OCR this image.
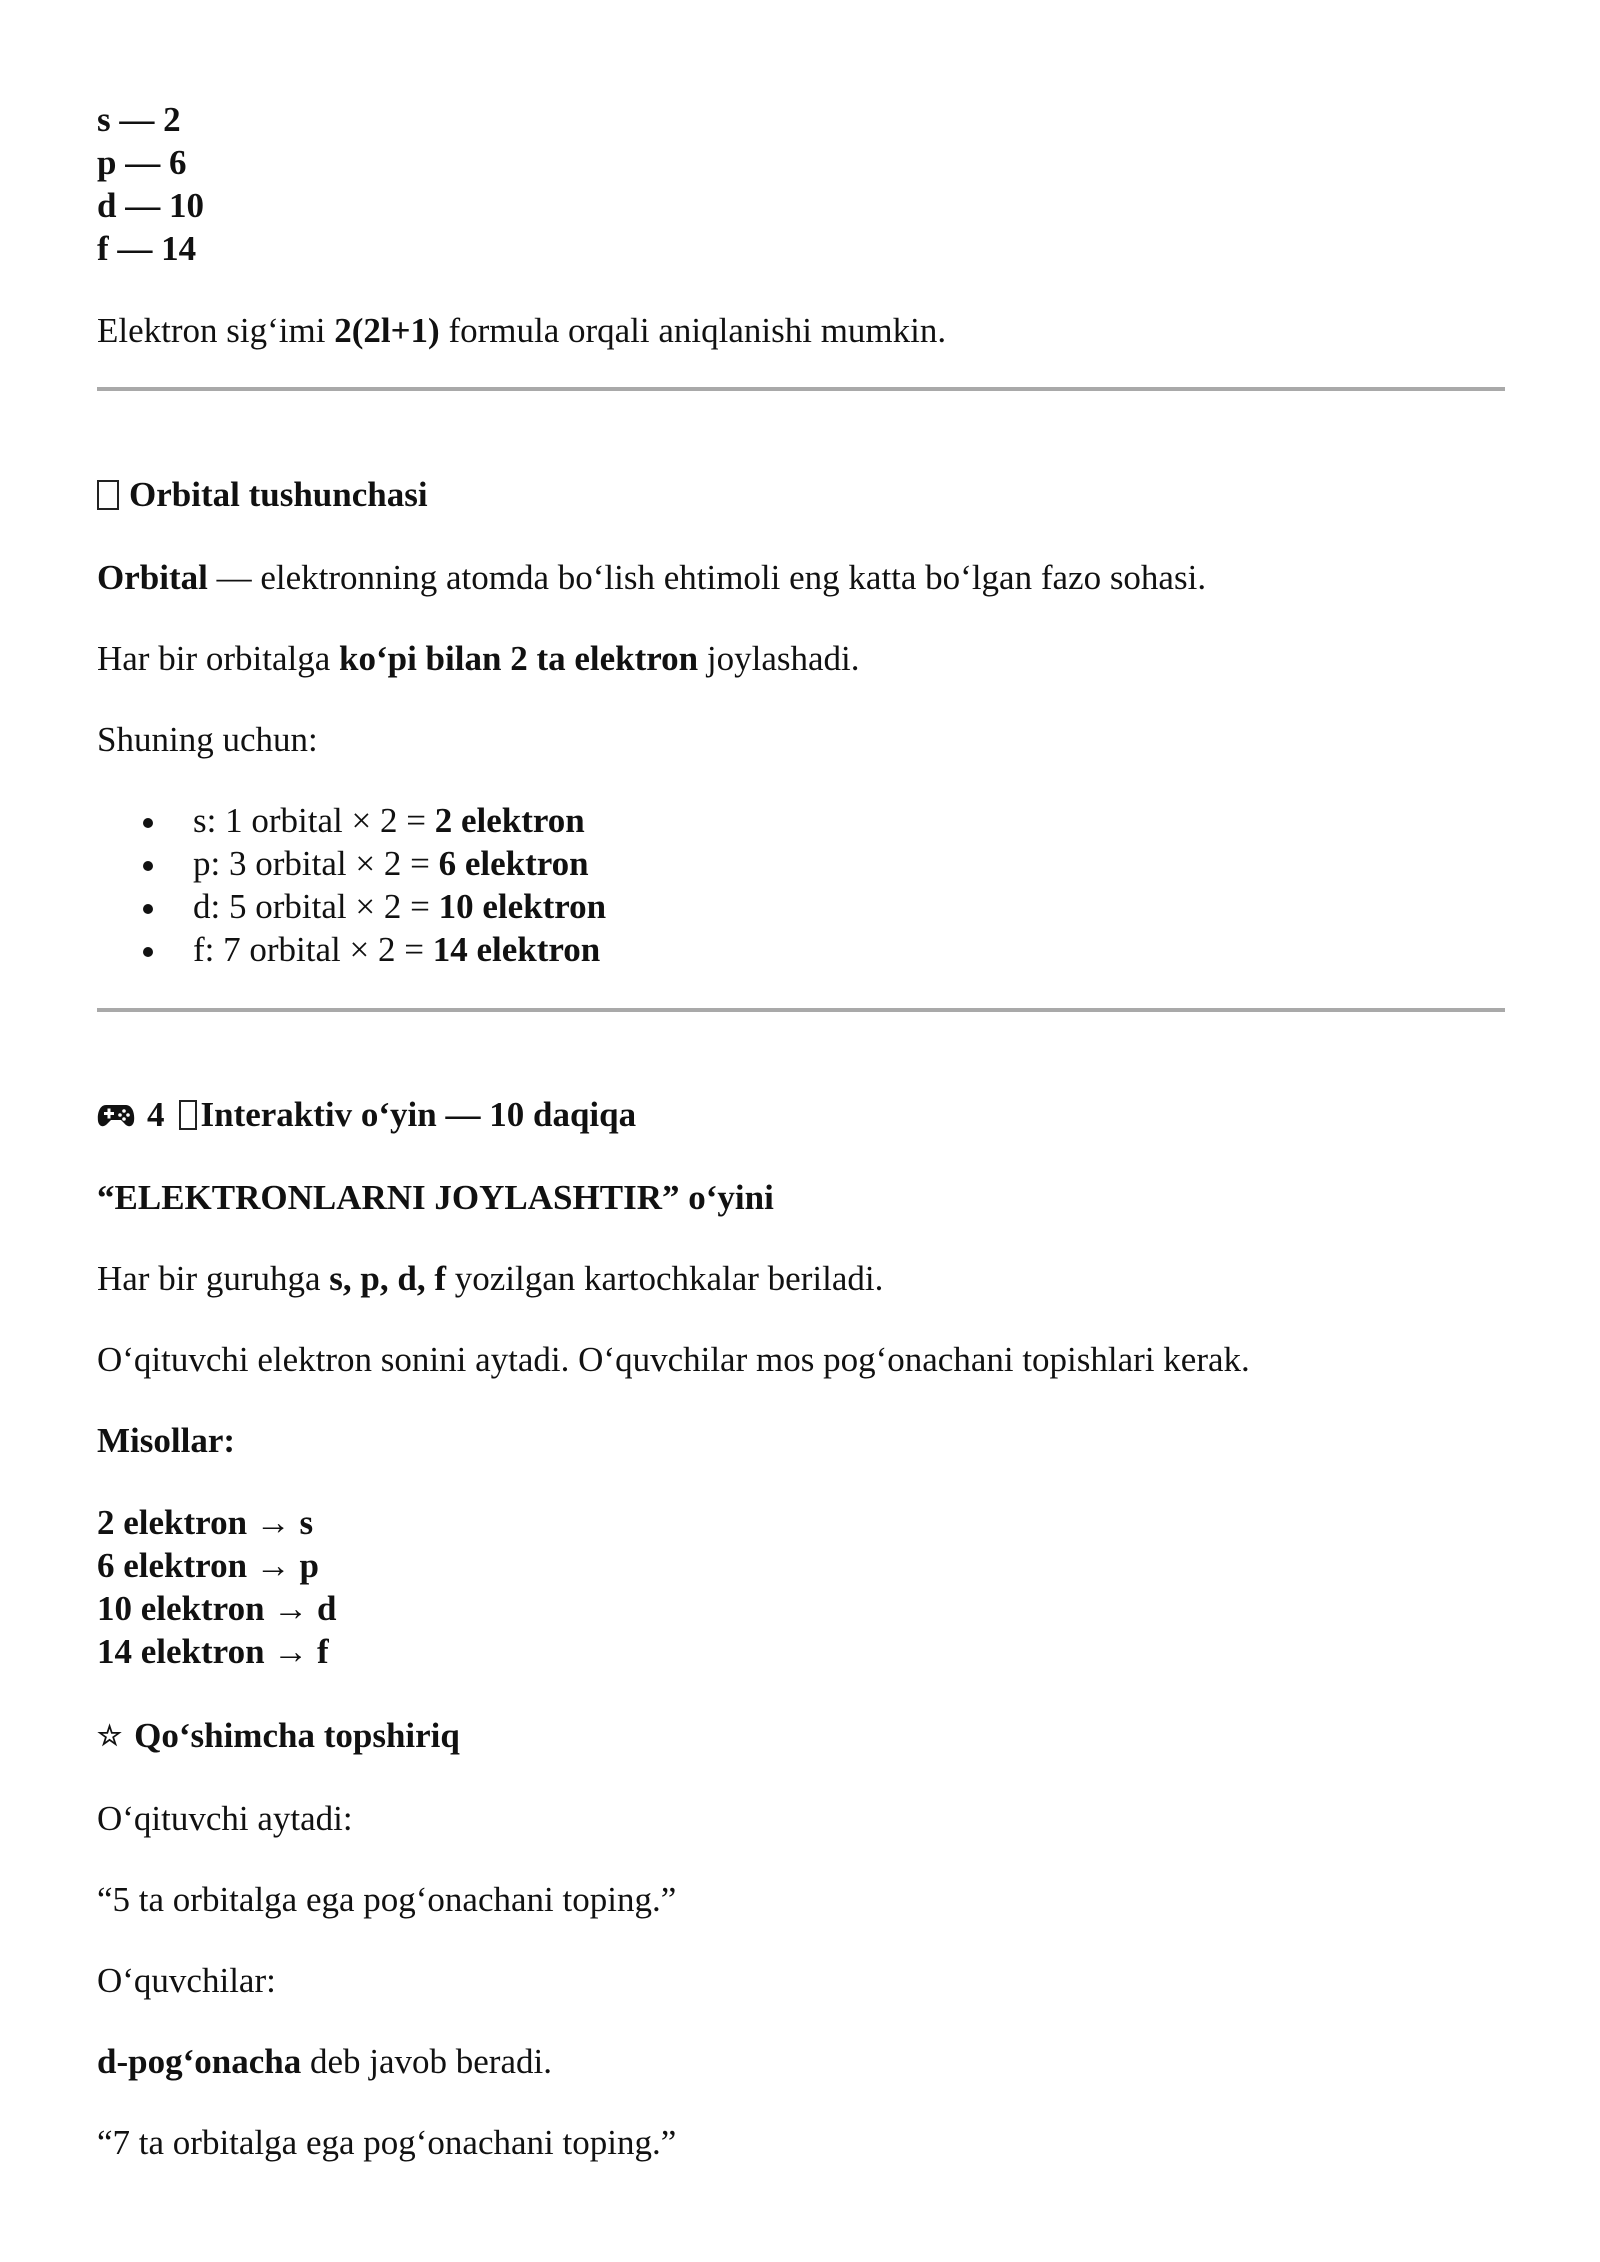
s — 2
p — 6
d — 10
f — 14
Elektron sig‘imi 2(2l+1) formula orqali aniqlanishi mumkin.
Orbital tushunchasi
Orbital — elektronning atomda bo‘lish ehtimoli eng katta bo‘lgan fazo sohasi.
Har bir orbitalga ko‘pi bilan 2 ta elektron joylashadi.
Shuning uchun:
s: 1 orbital × 2 = 2 elektron
p: 3 orbital × 2 = 6 elektron
d: 5 orbital × 2 = 10 elektron
f: 7 orbital × 2 = 14 elektron
4 Interaktiv o‘yin — 10 daqiqa
“ELEKTRONLARNI JOYLASHTIR” o‘yini
Har bir guruhga s, p, d, f yozilgan kartochkalar beriladi.
O‘qituvchi elektron sonini aytadi. O‘quvchilar mos pog‘onachani topishlari kerak.
Misollar:
2 elektron → s
6 elektron → p
10 elektron → d
14 elektron → f
☆ Qo‘shimcha topshiriq
O‘qituvchi aytadi:
“5 ta orbitalga ega pog‘onachani toping.”
O‘quvchilar:
d-pog‘onacha deb javob beradi.
“7 ta orbitalga ega pog‘onachani toping.”
